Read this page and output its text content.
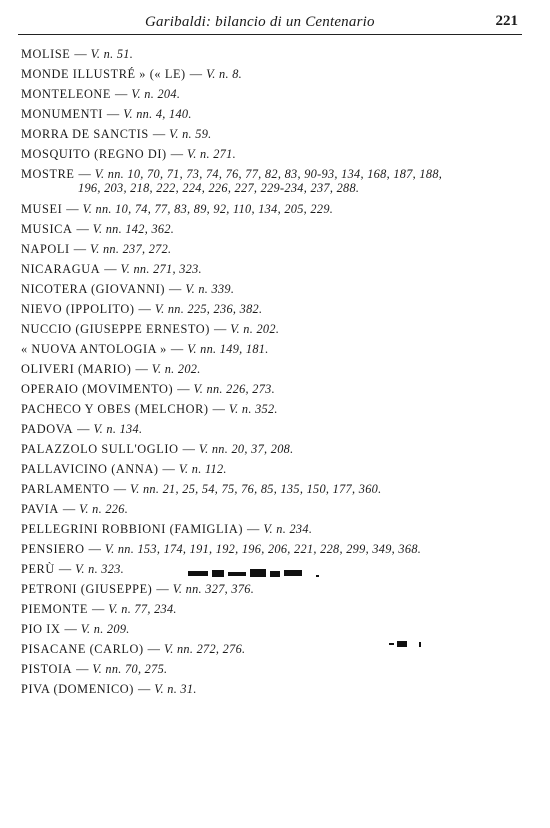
Garibaldi: bilancio di un Centenario	221

MOLISE — V. n. 51.

MONDE ILLUSTRÉ » (« LE) — V. n. 8.

MONTELEONE — V. n. 204.

MONUMENTI — V. nn. 4, 140.

MORRA DE SANCTIS — V. n. 59.

MOSQUITO (REGNO DI) — V. n. 271.

MOSTRE — V. nn. 10, 70, 71, 73, 74, 76, 77, 82, 83, 90-93, 134, 168, 187, 188,
196, 203, 218, 222, 224, 226, 227, 229-234, 237, 288.

MUSEI — V. nn. 10, 74, 77, 83, 89, 92, 110, 134, 205, 229.

MUSICA — V. nn. 142, 362.

NAPOLI — V. nn. 237, 272.

NICARAGUA — V. nn. 271, 323.

NICOTERA (GIOVANNI) — V. n. 339.

NIEVO (IPPOLITO) — V. nn. 225, 236, 382.

NUCCIO (GIUSEPPE ERNESTO) — V. n. 202.

« NUOVA ANTOLOGIA » — V. nn. 149, 181.

OLIVERI (MARIO) — V. n. 202.

OPERAIO (MOVIMENTO) — V. nn. 226, 273.

PACHECO Y OBES (MELCHOR) — V. n. 352.

PADOVA — V. n. 134.

PALAZZOLO SULL'OGLIO — V. nn. 20, 37, 208.

PALLAVICINO (ANNA) — V. n. 112.

PARLAMENTO — V. nn. 21, 25, 54, 75, 76, 85, 135, 150, 177, 360.

PAVIA — V. n. 226.

PELLEGRINI ROBBIONI (FAMIGLIA) — V. n. 234.

PENSIERO — V. nn. 153, 174, 191, 192, 196, 206, 221, 228, 299, 349, 368.

PERÙ — V. n. 323.

PETRONI (GIUSEPPE) — V. nn. 327, 376.

PIEMONTE — V. n. 77, 234.

PIO IX — V. n. 209.

PISACANE (CARLO) — V. nn. 272, 276.

PISTOIA — V. nn. 70, 275.

PIVA (DOMENICO) — V. n. 31.
